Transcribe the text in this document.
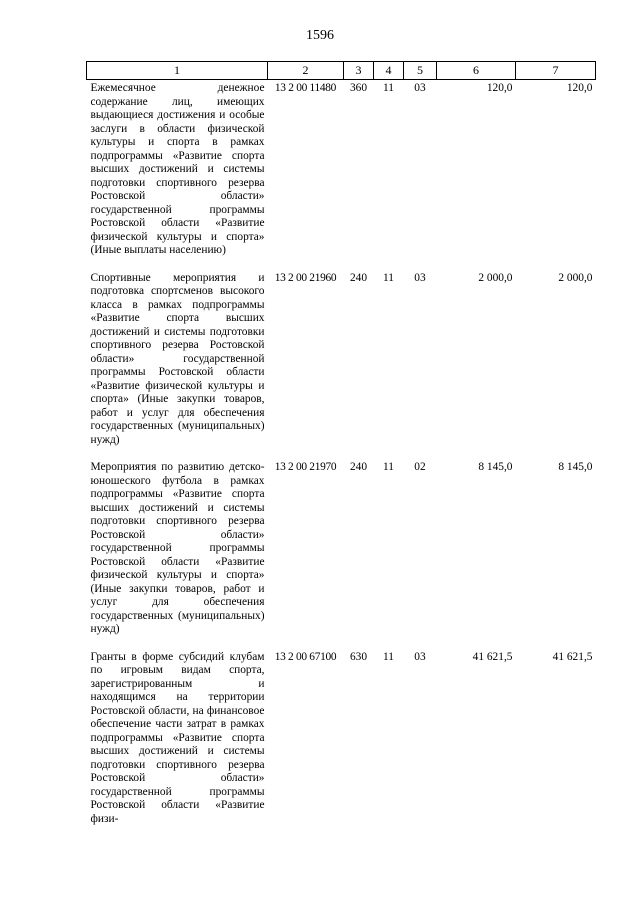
1596
1	2	3	4	5	6	7
Ежемесячное денежное содержание лиц, имеющих выдающиеся достижения и особые заслуги в области физической культуры и спорта в рамках подпрограммы «Развитие спорта высших достижений и системы подготовки спортивного резерва Ростовской области» государственной программы Ростовской области «Развитие физической культуры и спорта» (Иные выплаты населению)	13 2 00 11480	360	11	03	120,0	120,0
Спортивные мероприятия и подготовка спортсменов высокого класса в рамках подпрограммы «Развитие спорта высших достижений и системы подготовки спортивного резерва Ростовской области» государственной программы Ростовской области «Развитие физической культуры и спорта» (Иные закупки товаров, работ и услуг для обеспечения государственных (муниципальных) нужд)	13 2 00 21960	240	11	03	2 000,0	2 000,0
Мероприятия по развитию детско-юношеского футбола в рамках подпрограммы «Развитие спорта высших достижений и системы подготовки спортивного резерва Ростовской области» государственной программы Ростовской области «Развитие физической культуры и спорта» (Иные закупки товаров, работ и услуг для обеспечения государственных (муниципальных) нужд)	13 2 00 21970	240	11	02	8 145,0	8 145,0
Гранты в форме субсидий клубам по игровым видам спорта, зарегистрированным и находящимся на территории Ростовской области, на финансовое обеспечение части затрат в рамках подпрограммы «Развитие спорта высших достижений и системы подготовки спортивного резерва Ростовской области» государственной программы Ростовской области «Развитие физи-	13 2 00 67100	630	11	03	41 621,5	41 621,5
